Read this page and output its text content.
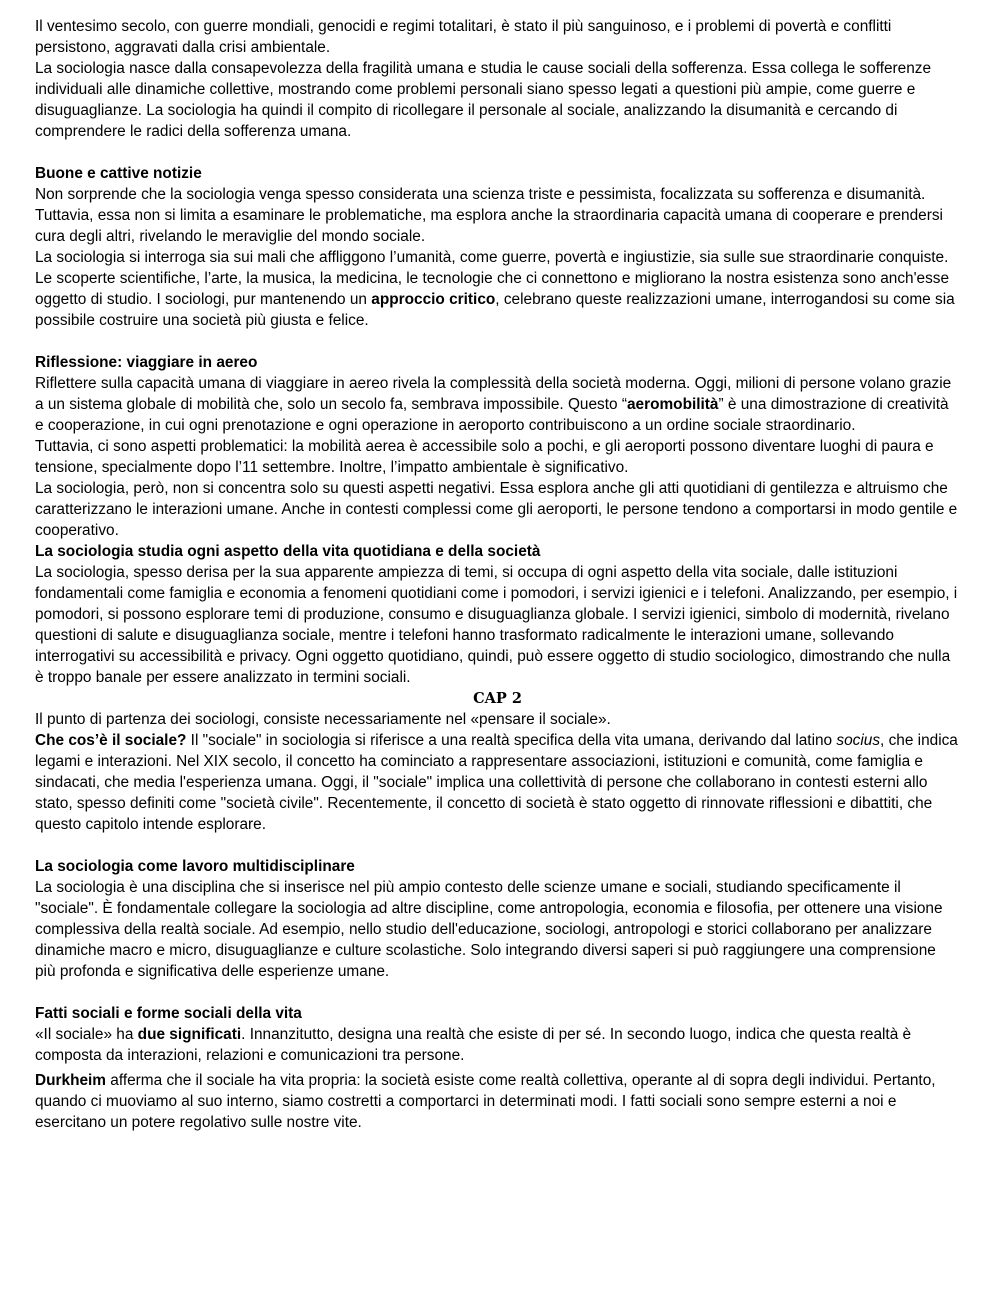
Il ventesimo secolo, con guerre mondiali, genocidi e regimi totalitari, è stato il più sanguinoso, e i problemi di povertà e conflitti persistono, aggravati dalla crisi ambientale.

La sociologia nasce dalla consapevolezza della fragilità umana e studia le cause sociali della sofferenza. Essa collega le sofferenze individuali alle dinamiche collettive, mostrando come problemi personali siano spesso legati a questioni più ampie, come guerre e disuguaglianze. La sociologia ha quindi il compito di ricollegare il personale al sociale, analizzando la disumanità e cercando di comprendere le radici della sofferenza umana.

Buone e cattive notizie

Non sorprende che la sociologia venga spesso considerata una scienza triste e pessimista, focalizzata su sofferenza e disumanità. Tuttavia, essa non si limita a esaminare le problematiche, ma esplora anche la straordinaria capacità umana di cooperare e prendersi cura degli altri, rivelando le meraviglie del mondo sociale.

La sociologia si interroga sia sui mali che affliggono l’umanità, come guerre, povertà e ingiustizie, sia sulle sue straordinarie conquiste. Le scoperte scientifiche, l’arte, la musica, la medicina, le tecnologie che ci connettono e migliorano la nostra esistenza sono anch'esse oggetto di studio. I sociologi, pur mantenendo un approccio critico, celebrano queste realizzazioni umane, interrogandosi su come sia possibile costruire una società più giusta e felice.

Riflessione: viaggiare in aereo

Riflettere sulla capacità umana di viaggiare in aereo rivela la complessità della società moderna. Oggi, milioni di persone volano grazie a un sistema globale di mobilità che, solo un secolo fa, sembrava impossibile. Questo “aeromobilità” è una dimostrazione di creatività e cooperazione, in cui ogni prenotazione e ogni operazione in aeroporto contribuiscono a un ordine sociale straordinario.

Tuttavia, ci sono aspetti problematici: la mobilità aerea è accessibile solo a pochi, e gli aeroporti possono diventare luoghi di paura e tensione, specialmente dopo l’11 settembre. Inoltre, l’impatto ambientale è significativo.

La sociologia, però, non si concentra solo su questi aspetti negativi. Essa esplora anche gli atti quotidiani di gentilezza e altruismo che caratterizzano le interazioni umane. Anche in contesti complessi come gli aeroporti, le persone tendono a comportarsi in modo gentile e cooperativo.

La sociologia studia ogni aspetto della vita quotidiana e della società

La sociologia, spesso derisa per la sua apparente ampiezza di temi, si occupa di ogni aspetto della vita sociale, dalle istituzioni fondamentali come famiglia e economia a fenomeni quotidiani come i pomodori, i servizi igienici e i telefoni. Analizzando, per esempio, i pomodori, si possono esplorare temi di produzione, consumo e disuguaglianza globale. I servizi igienici, simbolo di modernità, rivelano questioni di salute e disuguaglianza sociale, mentre i telefoni hanno trasformato radicalmente le interazioni umane, sollevando interrogativi su accessibilità e privacy. Ogni oggetto quotidiano, quindi, può essere oggetto di studio sociologico, dimostrando che nulla è troppo banale per essere analizzato in termini sociali.

CAP 2

Il punto di partenza dei sociologi, consiste necessariamente nel «pensare il sociale».

Che cos’è il sociale? Il "sociale" in sociologia si riferisce a una realtà specifica della vita umana, derivando dal latino socius, che indica legami e interazioni. Nel XIX secolo, il concetto ha cominciato a rappresentare associazioni, istituzioni e comunità, come famiglia e sindacati, che media l'esperienza umana. Oggi, il "sociale" implica una collettività di persone che collaborano in contesti esterni allo stato, spesso definiti come "società civile". Recentemente, il concetto di società è stato oggetto di rinnovate riflessioni e dibattiti, che questo capitolo intende esplorare.

La sociologia come lavoro multidisciplinare

La sociologia è una disciplina che si inserisce nel più ampio contesto delle scienze umane e sociali, studiando specificamente il "sociale". È fondamentale collegare la sociologia ad altre discipline, come antropologia, economia e filosofia, per ottenere una visione complessiva della realtà sociale. Ad esempio, nello studio dell'educazione, sociologi, antropologi e storici collaborano per analizzare dinamiche macro e micro, disuguaglianze e culture scolastiche. Solo integrando diversi saperi si può raggiungere una comprensione più profonda e significativa delle esperienze umane.

Fatti sociali e forme sociali della vita

«Il sociale» ha due significati. Innanzitutto, designa una realtà che esiste di per sé. In secondo luogo, indica che questa realtà è composta da interazioni, relazioni e comunicazioni tra persone.

Durkheim afferma che il sociale ha vita propria: la società esiste come realtà collettiva, operante al di sopra degli individui. Pertanto, quando ci muoviamo al suo interno, siamo costretti a comportarci in determinati modi. I fatti sociali sono sempre esterni a noi e esercitano un potere regolativo sulle nostre vite.
